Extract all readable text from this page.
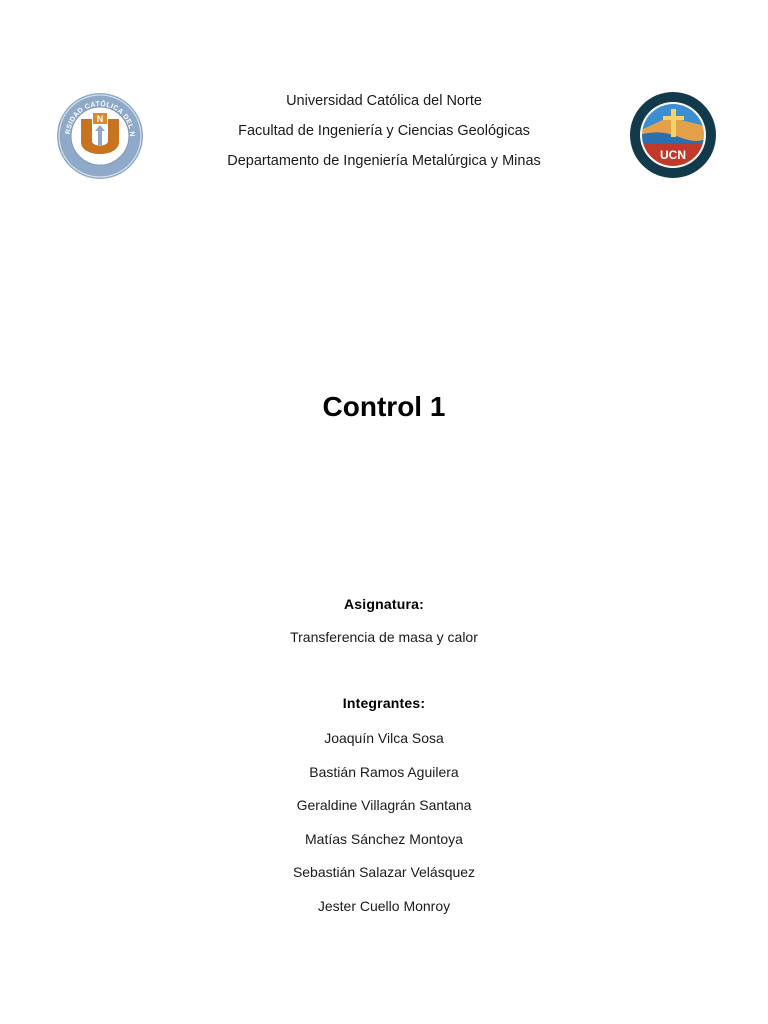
RSIDAD CATÓLICA DEL N
CHILE
N
Universidad Católica del Norte
Facultad de Ingeniería y Ciencias Geológicas
Departamento de Ingeniería Metalúrgica y Minas	UCN
Control 1
Asignatura:
Transferencia de masa y calor
Integrantes:
Joaquín Vilca Sosa
Bastián Ramos Aguilera
Geraldine Villagrán Santana
Matías Sánchez Montoya
Sebastián Salazar Velásquez
Jester Cuello Monroy
